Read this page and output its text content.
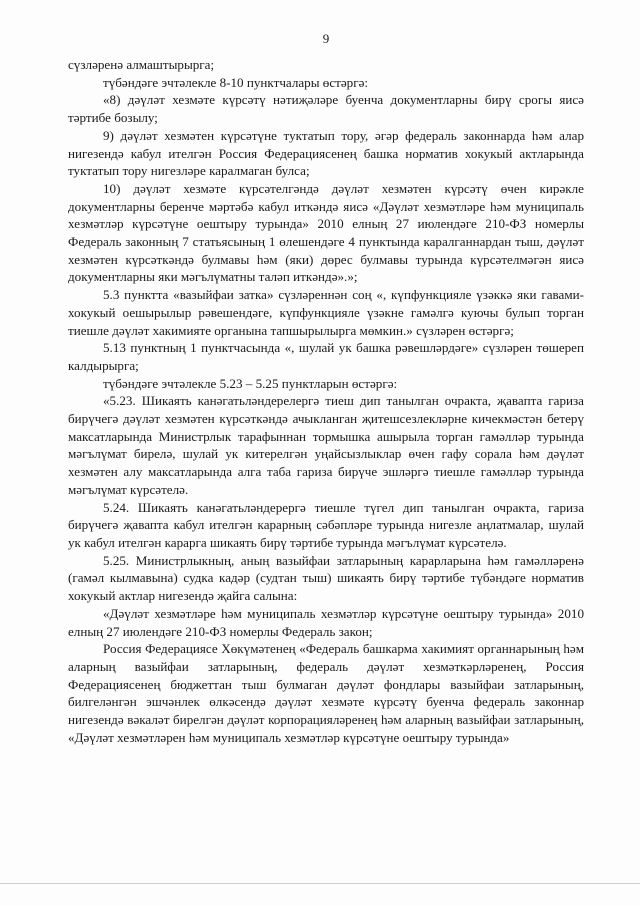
9

сүзләренә алмаштырырга;

түбәндәге эчтәлекле 8-10 пунктчалары өстәргә:

«8) дәүләт хезмәте күрсәтү нәтиҗәләре буенча документларны бирү срогы яисә тәртибе бозылу;

9) дәүләт хезмәтен күрсәтүне туктатып тору, әгәр федераль законнарда һәм алар нигезендә кабул ителгән Россия Федерациясенең башка норматив хокукый актларында туктатып тору нигезләре каралмаган булса;

10) дәүләт хезмәте күрсәтелгәндә дәүләт хезмәтен күрсәтү өчен кирәкле документларны беренче мәртәбә кабул иткәндә яисә «Дәүләт хезмәтләре һәм муниципаль хезмәтләр күрсәтүне оештыру турында» 2010 елның 27 июлендәге 210-ФЗ номерлы Федераль законның 7 статьясының 1 өлешендәге 4 пунктында каралганнардан тыш, дәүләт хезмәтен күрсәткәндә булмавы һәм (яки) дөрес булмавы турында күрсәтелмәгән яисә документларны яки мәгълүматны таләп иткәндә».»;

5.3 пунктта «вазыйфаи затка» сүзләреннән соң «, күпфункцияле үзәккә яки гавами-хокукый оешырылыр рәвешендәге, күпфункцияле үзәкне гамәлгә куючы булып торган тиешле дәүләт хакимияте органына тапшырылырга мөмкин.» сүзләрен өстәргә;

5.13 пунктның 1 пунктчасында «, шулай ук башка рәвешләрдәге» сүзләрен төшереп калдырырга;

түбәндәге эчтәлекле 5.23 – 5.25 пунктларын өстәргә:

«5.23. Шикаять канәгатьләндерелергә тиеш дип танылган очракта, җавапта гариза бирүчегә дәүләт хезмәтен күрсәткәндә ачыкланган җитешсезлекләрне кичекмәстән бетерү максатларында Министрлык тарафыннан тормышка ашырыла торган гамәлләр турында мәгълүмат бирелә, шулай ук китерелгән уңайсызлыклар өчен гафу сорала һәм дәүләт хезмәтен алу максатларында алга таба гариза бирүче эшләргә тиешле гамәлләр турында мәгълүмат күрсәтелә.

5.24. Шикаять канәгатьләндерергә тиешле түгел дип танылган очракта, гариза бирүчегә җавапта кабул ителгән карарның сәбәпләре турында нигезле аңлатмалар, шулай ук кабул ителгән карарга шикаять бирү тәртибе турында мәгълүмат күрсәтелә.

5.25. Министрлыкның, аның вазыйфаи затларының карарларына һәм гамәлләренә (гамәл кылмавына) судка кадәр (судтан тыш) шикаять бирү тәртибе түбәндәге норматив хокукый актлар нигезендә җайга салына:

«Дәүләт хезмәтләре һәм муниципаль хезмәтләр күрсәтүне оештыру турында» 2010 елның 27 июлендәге 210-ФЗ номерлы Федераль закон;

Россия Федерациясе Хөкүмәтенең «Федераль башкарма хакимият органнарының һәм аларның вазыйфаи затларының, федераль дәүләт хезмәткәрләренең, Россия Федерациясенең бюджеттан тыш булмаган дәүләт фондлары вазыйфаи затларының, билгеләнгән эшчәнлек өлкәсендә дәүләт хезмәте күрсәтү буенча федераль законнар нигезендә вәкаләт бирелгән дәүләт корпорацияләренең һәм аларның вазыйфаи затларының, «Дәүләт хезмәтләрен һәм муниципаль хезмәтләр күрсәтүне оештыру турында»
